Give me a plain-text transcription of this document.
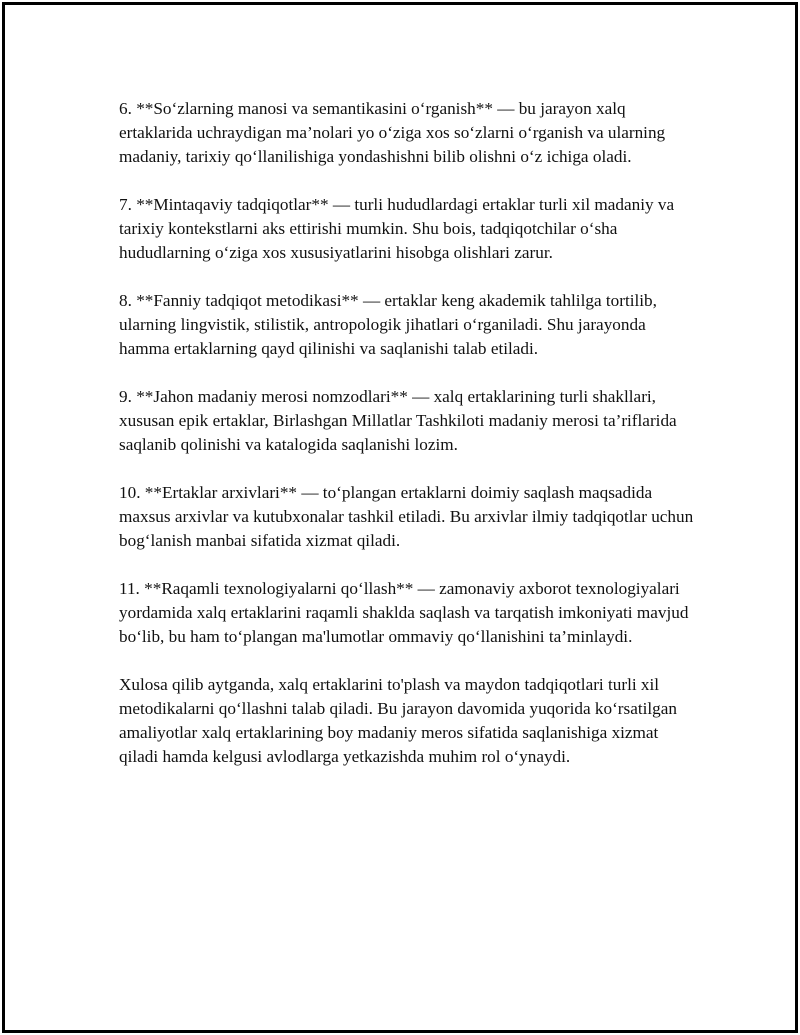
6. **So‘zlarning manosi va semantikasini o‘rganish** — bu jarayon xalq ertaklarida uchraydigan ma’nolari yo o‘ziga xos so‘zlarni o‘rganish va ularning madaniy, tarixiy qo‘llanilishiga yondashishni bilib olishni o‘z ichiga oladi.

7. **Mintaqaviy tadqiqotlar** — turli hududlardagi ertaklar turli xil madaniy va tarixiy kontekstlarni aks ettirishi mumkin. Shu bois, tadqiqotchilar o‘sha hududlarning o‘ziga xos xususiyatlarini hisobga olishlari zarur.

8. **Fanniy tadqiqot metodikasi** — ertaklar keng akademik tahlilga tortilib, ularning lingvistik, stilistik, antropologik jihatlari o‘rganiladi. Shu jarayonda hamma ertaklarning qayd qilinishi va saqlanishi talab etiladi.

9. **Jahon madaniy merosi nomzodlari** — xalq ertaklarining turli shakllari, xususan epik ertaklar, Birlashgan Millatlar Tashkiloti madaniy merosi ta’riflarida saqlanib qolinishi va katalogida saqlanishi lozim.

10. **Ertaklar arxivlari** — to‘plangan ertaklarni doimiy saqlash maqsadida maxsus arxivlar va kutubxonalar tashkil etiladi. Bu arxivlar ilmiy tadqiqotlar uchun bog‘lanish manbai sifatida xizmat qiladi.

11. **Raqamli texnologiyalarni qo‘llash** — zamonaviy axborot texnologiyalari yordamida xalq ertaklarini raqamli shaklda saqlash va tarqatish imkoniyati mavjud bo‘lib, bu ham to‘plangan ma'lumotlar ommaviy qo‘llanishini ta’minlaydi.

Xulosa qilib aytganda, xalq ertaklarini to'plash va maydon tadqiqotlari turli xil metodikalarni qo‘llashni talab qiladi. Bu jarayon davomida yuqorida ko‘rsatilgan amaliyotlar xalq ertaklarining boy madaniy meros sifatida saqlanishiga xizmat qiladi hamda kelgusi avlodlarga yetkazishda muhim rol o‘ynaydi.
